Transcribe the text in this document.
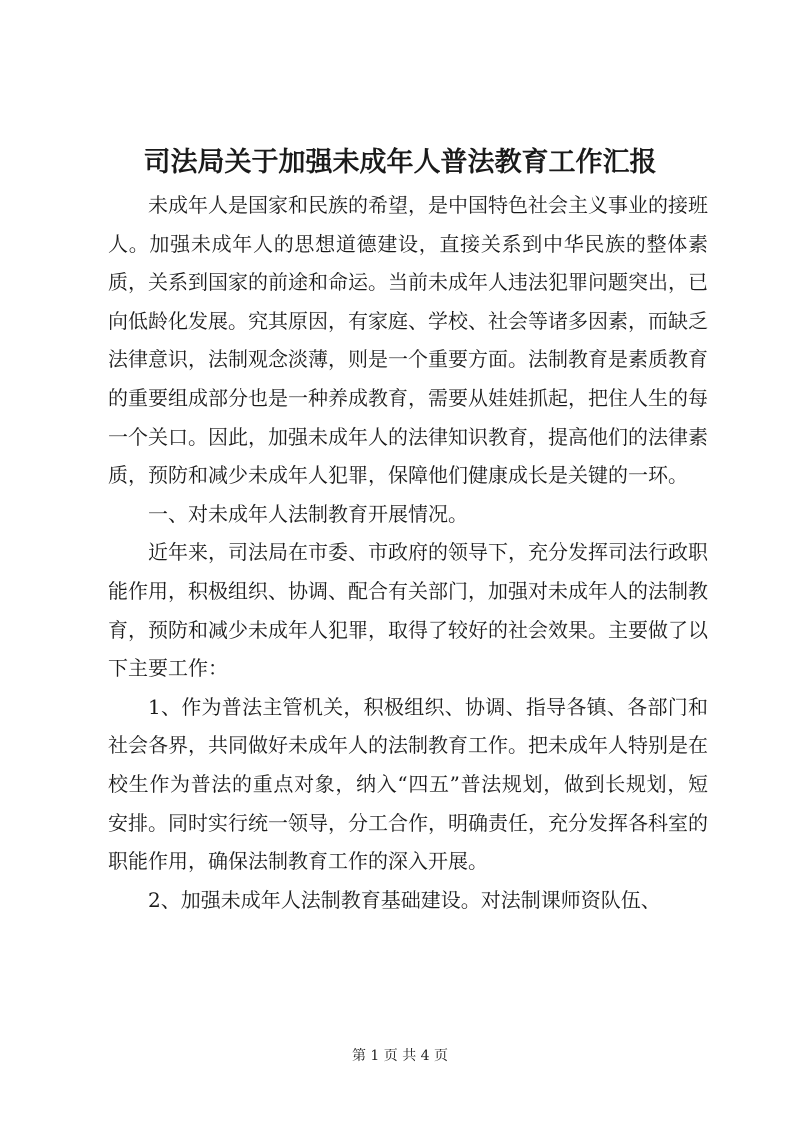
司法局关于加强未成年人普法教育工作汇报

未成年人是国家和民族的希望，是中国特色社会主义事业的接班人。加强未成年人的思想道德建设，直接关系到中华民族的整体素质，关系到国家的前途和命运。当前未成年人违法犯罪问题突出，已向低龄化发展。究其原因，有家庭、学校、社会等诸多因素，而缺乏法律意识，法制观念淡薄，则是一个重要方面。法制教育是素质教育的重要组成部分也是一种养成教育，需要从娃娃抓起，把住人生的每一个关口。因此，加强未成年人的法律知识教育，提高他们的法律素质，预防和减少未成年人犯罪，保障他们健康成长是关键的一环。

一、对未成年人法制教育开展情况。

近年来，司法局在市委、市政府的领导下，充分发挥司法行政职能作用，积极组织、协调、配合有关部门，加强对未成年人的法制教育，预防和减少未成年人犯罪，取得了较好的社会效果。主要做了以下主要工作：

1、作为普法主管机关，积极组织、协调、指导各镇、各部门和社会各界，共同做好未成年人的法制教育工作。把未成年人特别是在校生作为普法的重点对象，纳入“四五”普法规划，做到长规划，短安排。同时实行统一领导，分工合作，明确责任，充分发挥各科室的职能作用，确保法制教育工作的深入开展。

2、加强未成年人法制教育基础建设。对法制课师资队伍、

第 1 页 共 4 页
